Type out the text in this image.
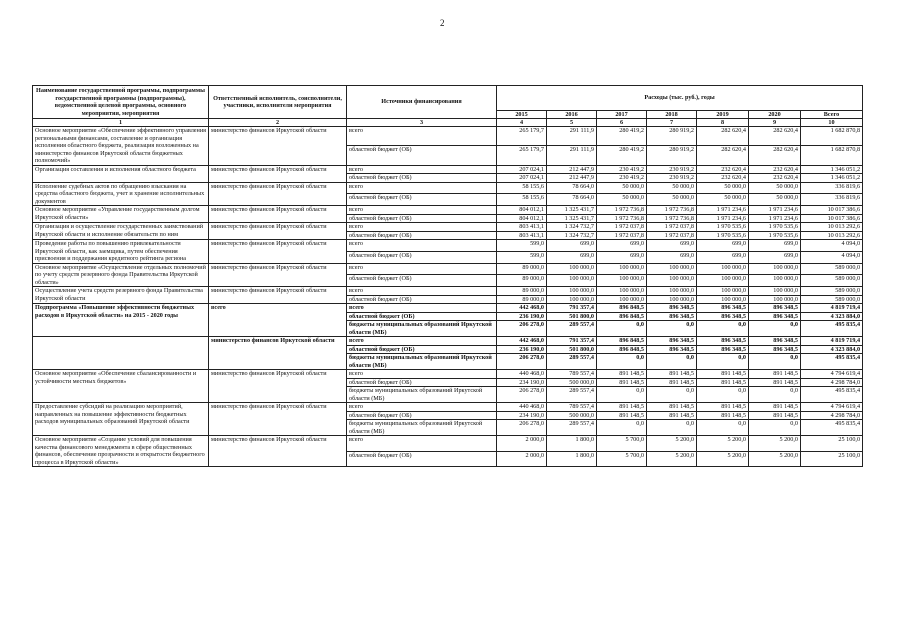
2
Наименование государственной программы, подпрограммы государственной программы (подпрограммы), ведомственной целевой программы, основного мероприятия, мероприятия	Ответственный исполнитель, соисполнители, участники, исполнители мероприятия	Источники финансирования	Расходы (тыс. руб.), годы						
			2015	2016	2017	2018	2019	2020	Всего
1	2	3	4	5	6	7	8	9	10
Основное мероприятие «Обеспечение эффективного управления региональными финансами, составление и организация исполнения областного бюджета, реализация возложенных на министерство финансов Иркутской области бюджетных полномочий»	министерство финансов Иркутской области	всего	265 179,7	291 111,9	280 419,2	280 919,2	282 620,4	282 620,4	1 682 870,8
		областной бюджет (ОБ)	265 179,7	291 111,9	280 419,2	280 919,2	282 620,4	282 620,4	1 682 870,8
Организация составления и исполнения областного бюджета	министерство финансов Иркутской области	всего	207 024,1	212 447,9	230 419,2	230 919,2	232 620,4	232 620,4	1 346 051,2
		областной бюджет (ОБ)	207 024,1	212 447,9	230 419,2	230 919,2	232 620,4	232 620,4	1 346 051,2
Исполнение судебных актов по обращению взыскания на средства областного бюджета, учет и хранение исполнительных документов	министерство финансов Иркутской области	всего	58 155,6	78 664,0	50 000,0	50 000,0	50 000,0	50 000,0	336 819,6
		областной бюджет (ОБ)	58 155,6	78 664,0	50 000,0	50 000,0	50 000,0	50 000,0	336 819,6
Основное мероприятие «Управление государственным долгом Иркутской области»	министерство финансов Иркутской области	всего	804 012,1	1 325 431,7	1 972 736,8	1 972 736,8	1 971 234,6	1 971 234,6	10 017 386,6
		областной бюджет (ОБ)	804 012,1	1 325 431,7	1 972 736,8	1 972 736,8	1 971 234,6	1 971 234,6	10 017 386,6
Организация и осуществление государственных заимствований Иркутской области и исполнение обязательств по ним	министерство финансов Иркутской области	всего	803 413,1	1 324 732,7	1 972 037,8	1 972 037,8	1 970 535,6	1 970 535,6	10 013 292,6
		областной бюджет (ОБ)	803 413,1	1 324 732,7	1 972 037,8	1 972 037,8	1 970 535,6	1 970 535,6	10 013 292,6
Проведение работы по повышению привлекательности Иркутской области, как заемщика, путем обеспечения присвоения и поддержания кредитного рейтинга региона	министерство финансов Иркутской области	всего	599,0	699,0	699,0	699,0	699,0	699,0	4 094,0
		областной бюджет (ОБ)	599,0	699,0	699,0	699,0	699,0	699,0	4 094,0
Основное мероприятие «Осуществление отдельных полномочий по учету средств резервного фонда Правительства Иркутской области»	министерство финансов Иркутской области	всего	89 000,0	100 000,0	100 000,0	100 000,0	100 000,0	100 000,0	589 000,0
		областной бюджет (ОБ)	89 000,0	100 000,0	100 000,0	100 000,0	100 000,0	100 000,0	589 000,0
Осуществление учета средств резервного фонда Правительства Иркутской области	министерство финансов Иркутской области	всего	89 000,0	100 000,0	100 000,0	100 000,0	100 000,0	100 000,0	589 000,0
		областной бюджет (ОБ)	89 000,0	100 000,0	100 000,0	100 000,0	100 000,0	100 000,0	589 000,0
Подпрограмма «Повышение эффективности бюджетных расходов в Иркутской области» на 2015 - 2020 годы	всего	всего	442 468,0	791 357,4	896 848,5	896 348,5	896 348,5	896 348,5	4 819 719,4
		областной бюджет (ОБ)	236 190,0	501 800,0	896 848,5	896 348,5	896 348,5	896 348,5	4 323 884,0
		бюджеты муниципальных образований Иркутской области (МБ)	206 278,0	289 557,4	0,0	0,0	0,0	0,0	495 835,4
	министерство финансов Иркутской области	всего	442 468,0	791 357,4	896 848,5	896 348,5	896 348,5	896 348,5	4 819 719,4
		областной бюджет (ОБ)	236 190,0	501 800,0	896 848,5	896 348,5	896 348,5	896 348,5	4 323 884,0
		бюджеты муниципальных образований Иркутской области (МБ)	206 278,0	289 557,4	0,0	0,0	0,0	0,0	495 835,4
Основное мероприятие «Обеспечение сбалансированности и устойчивости местных бюджетов»	министерство финансов Иркутской области	всего	440 468,0	789 557,4	891 148,5	891 148,5	891 148,5	891 148,5	4 794 619,4
		областной бюджет (ОБ)	234 190,0	500 000,0	891 148,5	891 148,5	891 148,5	891 148,5	4 298 784,0
		бюджеты муниципальных образований Иркутской области (МБ)	206 278,0	289 557,4	0,0	0,0	0,0	0,0	495 835,4
Предоставление субсидий на реализацию мероприятий, направленных на повышение эффективности бюджетных расходов муниципальных образований Иркутской области	министерство финансов Иркутской области	всего	440 468,0	789 557,4	891 148,5	891 148,5	891 148,5	891 148,5	4 794 619,4
		областной бюджет (ОБ)	234 190,0	500 000,0	891 148,5	891 148,5	891 148,5	891 148,5	4 298 784,0
		бюджеты муниципальных образований Иркутской области (МБ)	206 278,0	289 557,4	0,0	0,0	0,0	0,0	495 835,4
Основное мероприятие «Создание условий для повышения качества финансового менеджмента в сфере общественных финансов, обеспечение прозрачности и открытости бюджетного процесса в Иркутской области»	министерство финансов Иркутской области	всего	2 000,0	1 800,0	5 700,0	5 200,0	5 200,0	5 200,0	25 100,0
		областной бюджет (ОБ)	2 000,0	1 800,0	5 700,0	5 200,0	5 200,0	5 200,0	25 100,0
